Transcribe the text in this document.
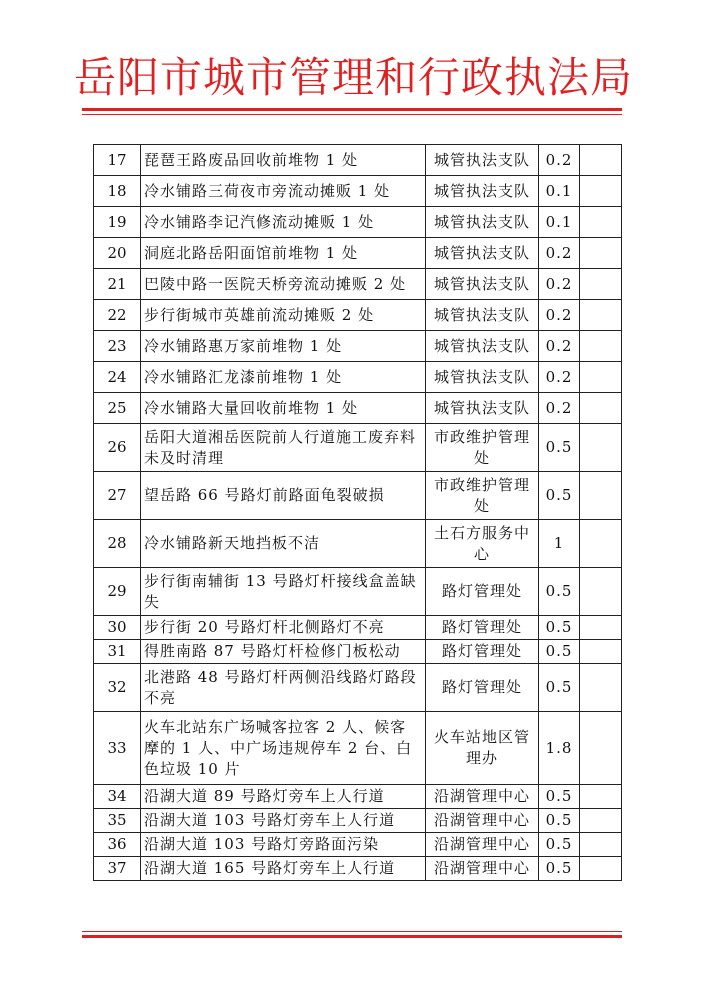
岳阳市城市管理和行政执法局
17	琵琶王路废品回收前堆物 1 处	城管执法支队	0.2	
18	冷水铺路三荷夜市旁流动摊贩 1 处	城管执法支队	0.1	
19	冷水铺路李记汽修流动摊贩 1 处	城管执法支队	0.1	
20	洞庭北路岳阳面馆前堆物 1 处	城管执法支队	0.2	
21	巴陵中路一医院天桥旁流动摊贩 2 处	城管执法支队	0.2	
22	步行街城市英雄前流动摊贩 2 处	城管执法支队	0.2	
23	冷水铺路惠万家前堆物 1 处	城管执法支队	0.2	
24	冷水铺路汇龙漆前堆物 1 处	城管执法支队	0.2	
25	冷水铺路大量回收前堆物 1 处	城管执法支队	0.2	
26	岳阳大道湘岳医院前人行道施工废弃料未及时清理	市政维护管理处	0.5	
27	望岳路 66 号路灯前路面龟裂破损	市政维护管理处	0.5	
28	冷水铺路新天地挡板不洁	土石方服务中心	1	
29	步行街南辅街 13 号路灯杆接线盒盖缺失	路灯管理处	0.5	
30	步行街 20 号路灯杆北侧路灯不亮	路灯管理处	0.5	
31	得胜南路 87 号路灯杆检修门板松动	路灯管理处	0.5	
32	北港路 48 号路灯杆两侧沿线路灯路段不亮	路灯管理处	0.5	
33	火车北站东广场喊客拉客 2 人、候客摩的 1 人、中广场违规停车 2 台、白色垃圾 10 片	火车站地区管理办	1.8	
34	沿湖大道 89 号路灯旁车上人行道	沿湖管理中心	0.5	
35	沿湖大道 103 号路灯旁车上人行道	沿湖管理中心	0.5	
36	沿湖大道 103 号路灯旁路面污染	沿湖管理中心	0.5	
37	沿湖大道 165 号路灯旁车上人行道	沿湖管理中心	0.5	
